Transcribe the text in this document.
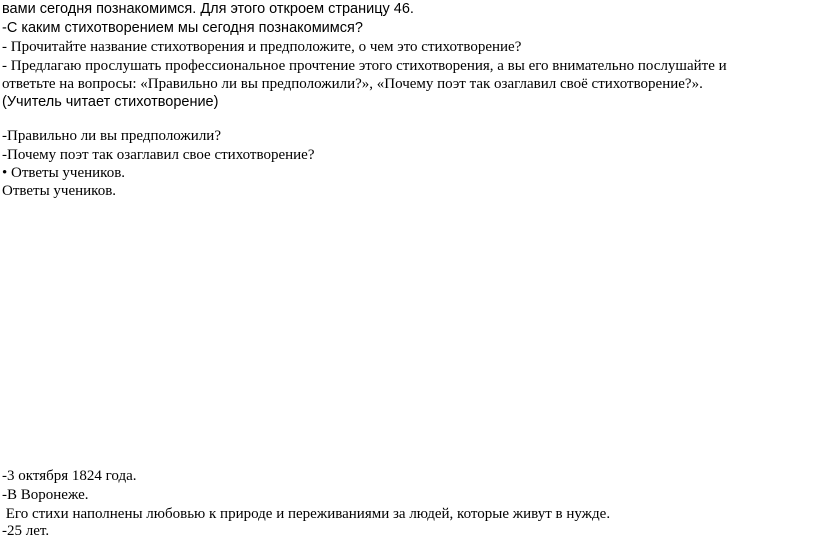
вами сегодня познакомимся. Для этого откроем страницу 46.
-С каким стихотворением мы сегодня познакомимся?
- Прочитайте название стихотворения и предположите, о чем это стихотворение?
- Предлагаю прослушать профессиональное прочтение этого стихотворения, а вы его внимательно послушайте и
ответьте на вопросы: «Правильно ли вы предположили?», «Почему поэт так озаглавил своё стихотворение?».
(Учитель читает стихотворение)
-Правильно ли вы предположили?
-Почему поэт так озаглавил свое стихотворение?
• Ответы учеников.
Ответы учеников.
-3 октября 1824 года.
-В Воронеже.
Его стихи наполнены любовью к природе и переживаниями за людей, которые живут в нужде.
-25 лет.
